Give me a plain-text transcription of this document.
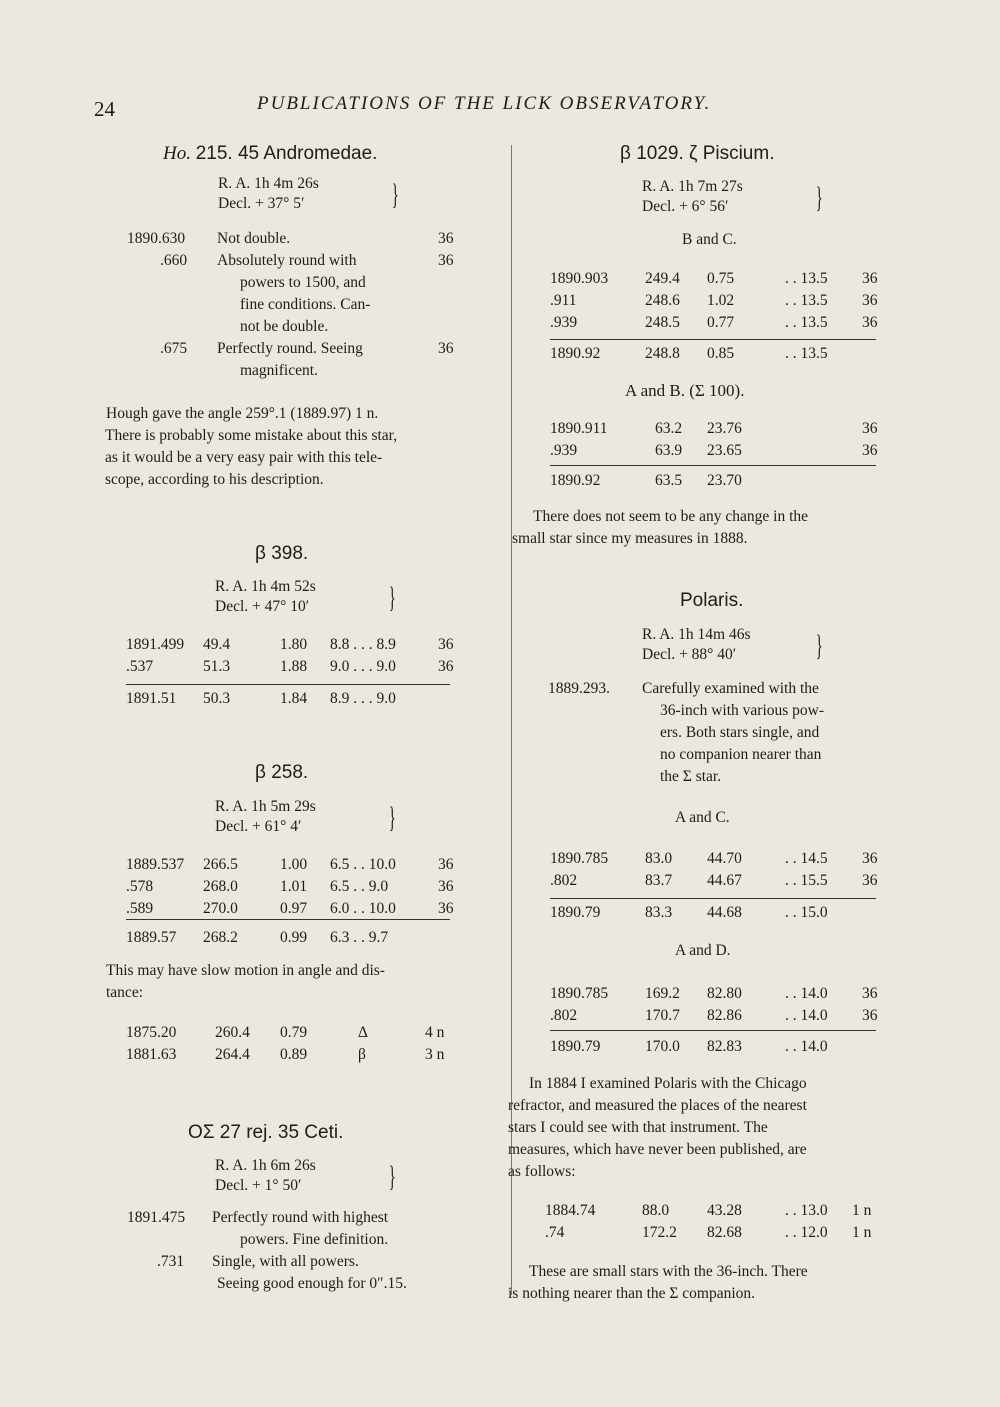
24	PUBLICATIONS OF THE LICK OBSERVATORY.
Ho. 215. 45 Andromedae.
R. A. 1h 4m 26s
Decl. + 37° 5′	}
1890.630 Not double.	36
.660 Absolutely round with	36
powers to 1500, and
fine conditions. Can-
not be double.
.675 Perfectly round. Seeing	36
magnificent.
Hough gave the angle 259°.1 (1889.97) 1 n.
There is probably some mistake about this star,
as it would be a very easy pair with this tele-
scope, according to his description.
β 398.
R. A. 1h 4m 52s
Decl. + 47° 10′	}
1891.499 49.4	1.80 8.8 . . . 8.9	36
.537	51.3	1.88 9.0 . . . 9.0	36
1891.51 50.3	1.84 8.9 . . . 9.0
β 258.
R. A. 1h 5m 29s
Decl. + 61° 4′	}
1889.537 266.5	1.00 6.5 . . 10.0	36
.578	268.0	1.01 6.5 . . 9.0	36
.589	270.0	0.97 6.0 . . 10.0	36
1889.57 268.2	0.99 6.3 . . 9.7
This may have slow motion in angle and dis-
tance:
1875.20 260.4 0.79	Δ	4 n
1881.63 264.4 0.89	β	3 n
OΣ 27 rej. 35 Ceti.
R. A. 1h 6m 26s
Decl. + 1° 50′	}
1891.475 Perfectly round with highest
powers. Fine definition.
.731 Single, with all powers.
Seeing good enough for 0″.15.
β 1029. ζ Piscium.
R. A. 1h 7m 27s
Decl. + 6° 56′	}
B and C.
1890.903 249.4 0.75	. . 13.5 36
.911	248.6 1.02	. . 13.5 36
.939	248.5 0.77	. . 13.5 36
1890.92	248.8 0.85	. . 13.5
A and B. (Σ 100).
1890.911	63.2 23.76	36
.939	63.9 23.65	36
1890.92	63.5 23.70
There does not seem to be any change in the
small star since my measures in 1888.
Polaris.
R. A. 1h 14m 46s
Decl. + 88° 40′	}
1889.293. Carefully examined with the
36-inch with various pow-
ers. Both stars single, and
no companion nearer than
the Σ star.
A and C.
1890.785 83.0 44.70	. . 14.5 36
.802	83.7 44.67	. . 15.5 36
1890.79	83.3 44.68	. . 15.0
A and D.
1890.785 169.2 82.80	. . 14.0 36
.802	170.7 82.86	. . 14.0 36
1890.79	170.0 82.83	. . 14.0
In 1884 I examined Polaris with the Chicago
refractor, and measured the places of the nearest
stars I could see with that instrument. The
measures, which have never been published, are
as follows:
1884.74	88.0 43.28	. . 13.0 1 n
.74	172.2 82.68	. . 12.0 1 n
These are small stars with the 36-inch. There
is nothing nearer than the Σ companion.
